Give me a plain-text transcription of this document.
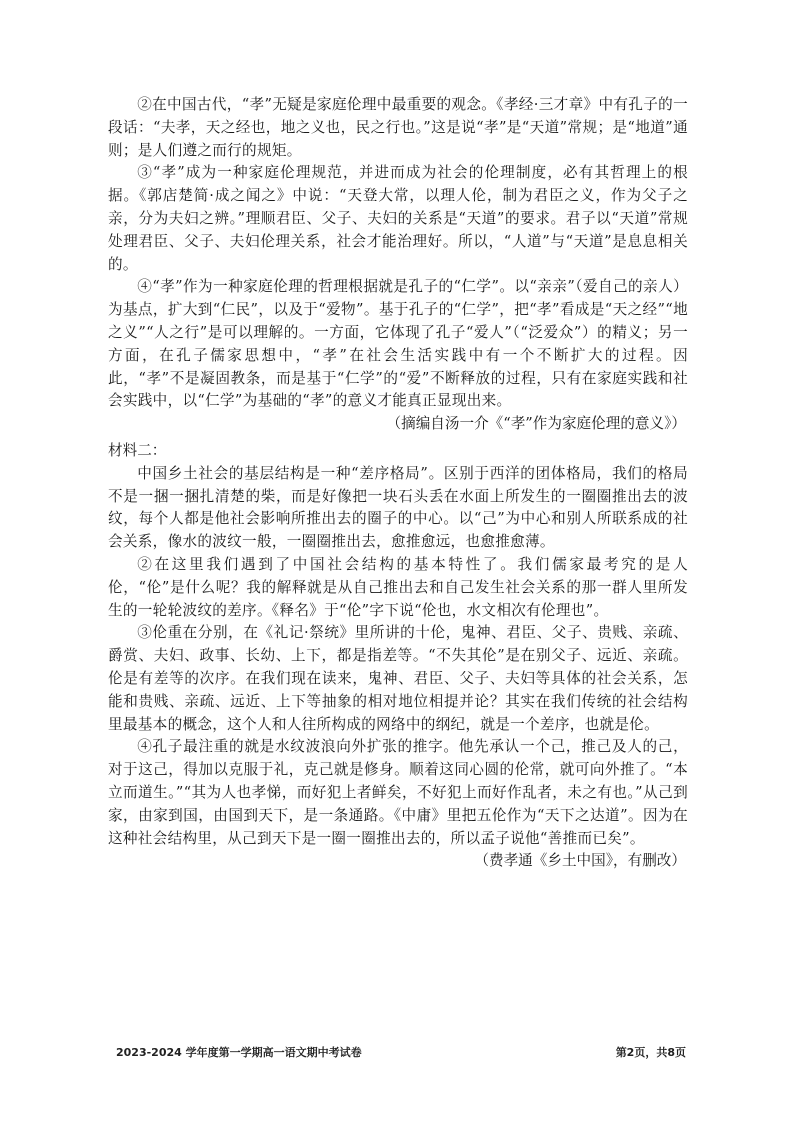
②在中国古代，“孝”无疑是家庭伦理中最重要的观念。《孝经·三才章》中有孔子的一段话：“夫孝，天之经也，地之义也，民之行也。”这是说“孝”是“天道”常规；是“地道”通则；是人们遵之而行的规矩。

③“孝”成为一种家庭伦理规范，并进而成为社会的伦理制度，必有其哲理上的根据。《郭店楚简·成之闻之》中说：“天登大常，以理人伦，制为君臣之义，作为父子之亲，分为夫妇之辨。”理顺君臣、父子、夫妇的关系是“天道”的要求。君子以“天道”常规处理君臣、父子、夫妇伦理关系，社会才能治理好。所以，“人道”与“天道”是息息相关的。

④“孝”作为一种家庭伦理的哲理根据就是孔子的“仁学”。以“亲亲”（爱自己的亲人）为基点，扩大到“仁民”，以及于“爱物”。基于孔子的“仁学”，把“孝”看成是“天之经”“地之义”“人之行”是可以理解的。一方面，它体现了孔子“爱人”（“泛爱众”）的精义；另一方面，在孔子儒家思想中，“孝”在社会生活实践中有一个不断扩大的过程。因此，“孝”不是凝固教条，而是基于“仁学”的“爱”不断释放的过程，只有在家庭实践和社会实践中，以“仁学”为基础的“孝”的意义才能真正显现出来。

（摘编自汤一介《“孝”作为家庭伦理的意义》）

材料二：

中国乡土社会的基层结构是一种“差序格局”。区别于西洋的团体格局，我们的格局不是一捆一捆扎清楚的柴，而是好像把一块石头丢在水面上所发生的一圈圈推出去的波纹，每个人都是他社会影响所推出去的圈子的中心。以“己”为中心和别人所联系成的社会关系，像水的波纹一般，一圈圈推出去，愈推愈远，也愈推愈薄。

②在这里我们遇到了中国社会结构的基本特性了。我们儒家最考究的是人伦，“伦”是什么呢？我的解释就是从自己推出去和自己发生社会关系的那一群人里所发生的一轮轮波纹的差序。《释名》于“伦”字下说“伦也，水文相次有伦理也”。

③伦重在分别，在《礼记·祭统》里所讲的十伦，鬼神、君臣、父子、贵贱、亲疏、爵赏、夫妇、政事、长幼、上下，都是指差等。“不失其伦”是在别父子、远近、亲疏。伦是有差等的次序。在我们现在读来，鬼神、君臣、父子、夫妇等具体的社会关系，怎能和贵贱、亲疏、远近、上下等抽象的相对地位相提并论？其实在我们传统的社会结构里最基本的概念，这个人和人往所构成的网络中的纲纪，就是一个差序，也就是伦。

④孔子最注重的就是水纹波浪向外扩张的推字。他先承认一个己，推己及人的己，对于这己，得加以克服于礼，克己就是修身。顺着这同心圆的伦常，就可向外推了。“本立而道生。”“其为人也孝悌，而好犯上者鲜矣，不好犯上而好作乱者，未之有也。”从己到家，由家到国，由国到天下，是一条通路。《中庸》里把五伦作为“天下之达道”。因为在这种社会结构里，从己到天下是一圈一圈推出去的，所以孟子说他“善推而已矣”。

（费孝通《乡土中国》，有删改）

2023-2024 学年度第一学期高一语文期中考试卷	第2页，共8页
